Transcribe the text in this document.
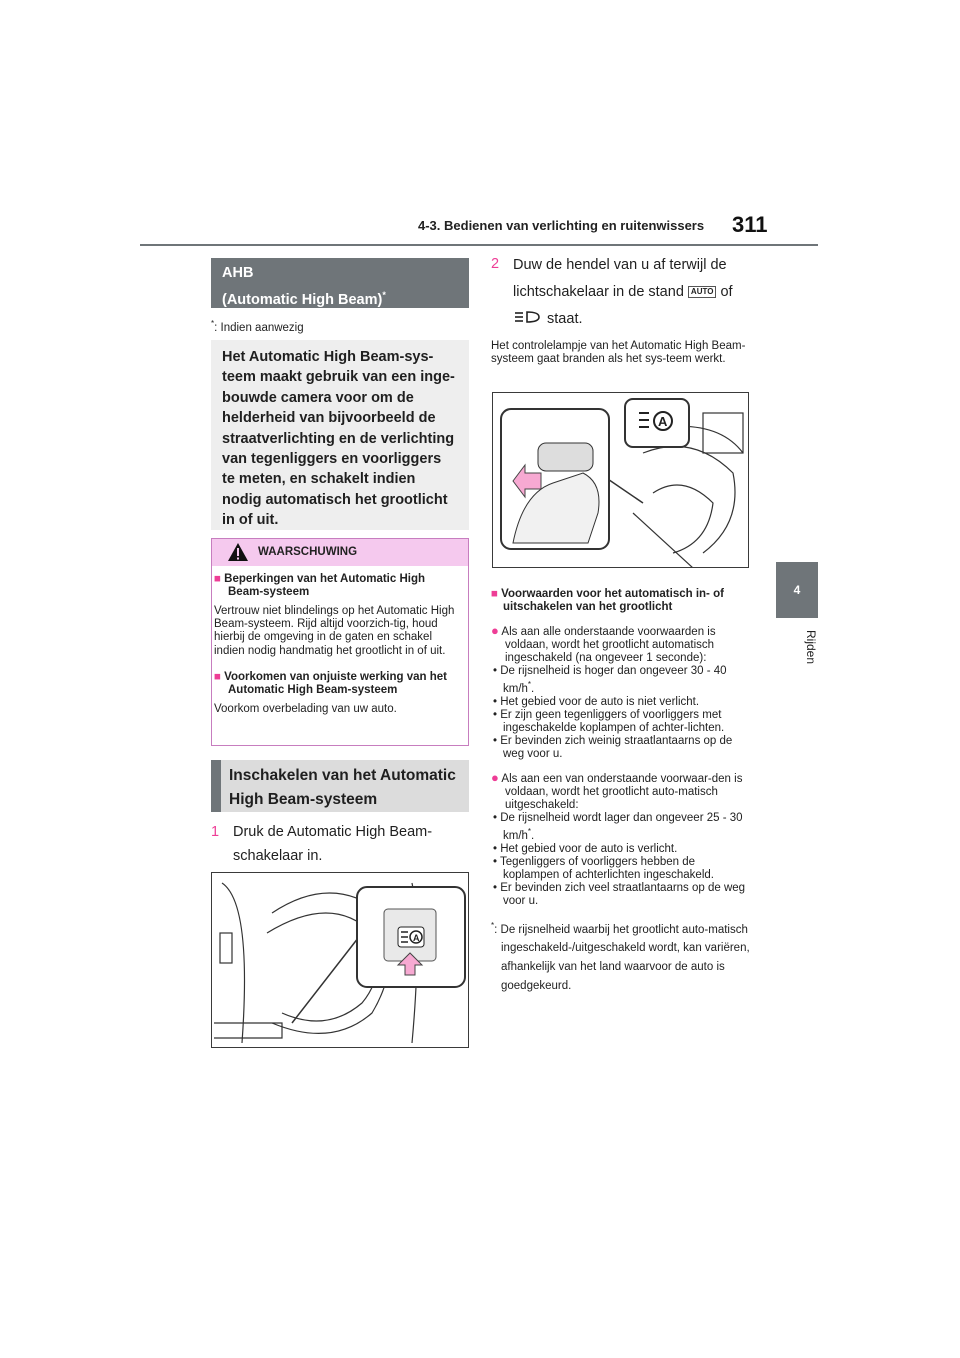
4-3. Bedienen van verlichting en ruitenwissers 311
4
Rijden
AHB
(Automatic High Beam)*
*: Indien aanwezig
Het Automatic High Beam-sys-teem maakt gebruik van een inge-bouwde camera voor om de helderheid van bijvoorbeeld de straatverlichting en de verlichting van tegenliggers en voorliggers te meten, en schakelt indien nodig automatisch het grootlicht in of uit.
WAARSCHUWING
■ Beperkingen van het Automatic High Beam-systeem
Vertrouw niet blindelings op het Automatic High Beam-systeem. Rijd altijd voorzich-tig, houd hierbij de omgeving in de gaten en schakel indien nodig handmatig het grootlicht in of uit.
■ Voorkomen van onjuiste werking van het Automatic High Beam-systeem
Voorkom overbelading van uw auto.
Inschakelen van het Automatic High Beam-systeem
1 Druk de Automatic High Beam-schakelaar in.
A
2 Duw de hendel van u af terwijl de lichtschakelaar in de stand AUTO of
staat.
Het controlelampje van het Automatic High Beam-systeem gaat branden als het sys-teem werkt.
A
■ Voorwaarden voor het automatisch in- of uitschakelen van het grootlicht
● Als aan alle onderstaande voorwaarden is voldaan, wordt het grootlicht automatisch ingeschakeld (na ongeveer 1 seconde):
• De rijsnelheid is hoger dan ongeveer 30 - 40 km/h*.
• Het gebied voor de auto is niet verlicht.
• Er zijn geen tegenliggers of voorliggers met ingeschakelde koplampen of achter-lichten.
• Er bevinden zich weinig straatlantaarns op de weg voor u.
● Als aan een van onderstaande voorwaar-den is voldaan, wordt het grootlicht auto-matisch uitgeschakeld:
• De rijsnelheid wordt lager dan ongeveer 25 - 30 km/h*.
• Het gebied voor de auto is verlicht.
• Tegenliggers of voorliggers hebben de koplampen of achterlichten ingeschakeld.
• Er bevinden zich veel straatlantaarns op de weg voor u.
*: De rijsnelheid waarbij het grootlicht auto-matisch ingeschakeld-/uitgeschakeld wordt, kan variëren, afhankelijk van het land waarvoor de auto is goedgekeurd.
